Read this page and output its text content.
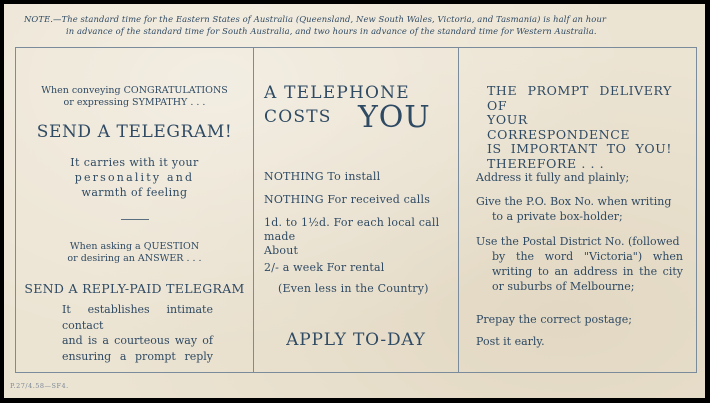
NOTE.—The standard time for the Eastern States of Australia (Queensland, New South Wales, Victoria, and Tasmania) is half an hour
in advance of the standard time for South Australia, and two hours in advance of the standard time for Western Australia.
When conveying CONGRATULATIONS
or expressing SYMPATHY . . .
SEND A TELEGRAM!
It carries with it your
personality and
warmth of feeling
When asking a QUESTION
or desiring an ANSWER . . .
SEND A REPLY-PAID TELEGRAM
It establishes intimate contact
and is a courteous way of
ensuring a prompt reply
A TELEPHONE
COSTS YOU
NOTHING To install
NOTHING For received calls
1d. to 1½d. For each local call made
About
2/- a week For rental
(Even less in the Country)
APPLY TO-DAY
THE PROMPT DELIVERY OF
YOUR CORRESPONDENCE
IS IMPORTANT TO YOU!
THEREFORE . . .
Address it fully and plainly;
Give the P.O. Box No. when writing
to a private box-holder;
Use the Postal District No. (followed
by the word "Victoria") when
writing to an address in the city
or suburbs of Melbourne;
Prepay the correct postage;
Post it early.
P.27/4.58—SF4.
